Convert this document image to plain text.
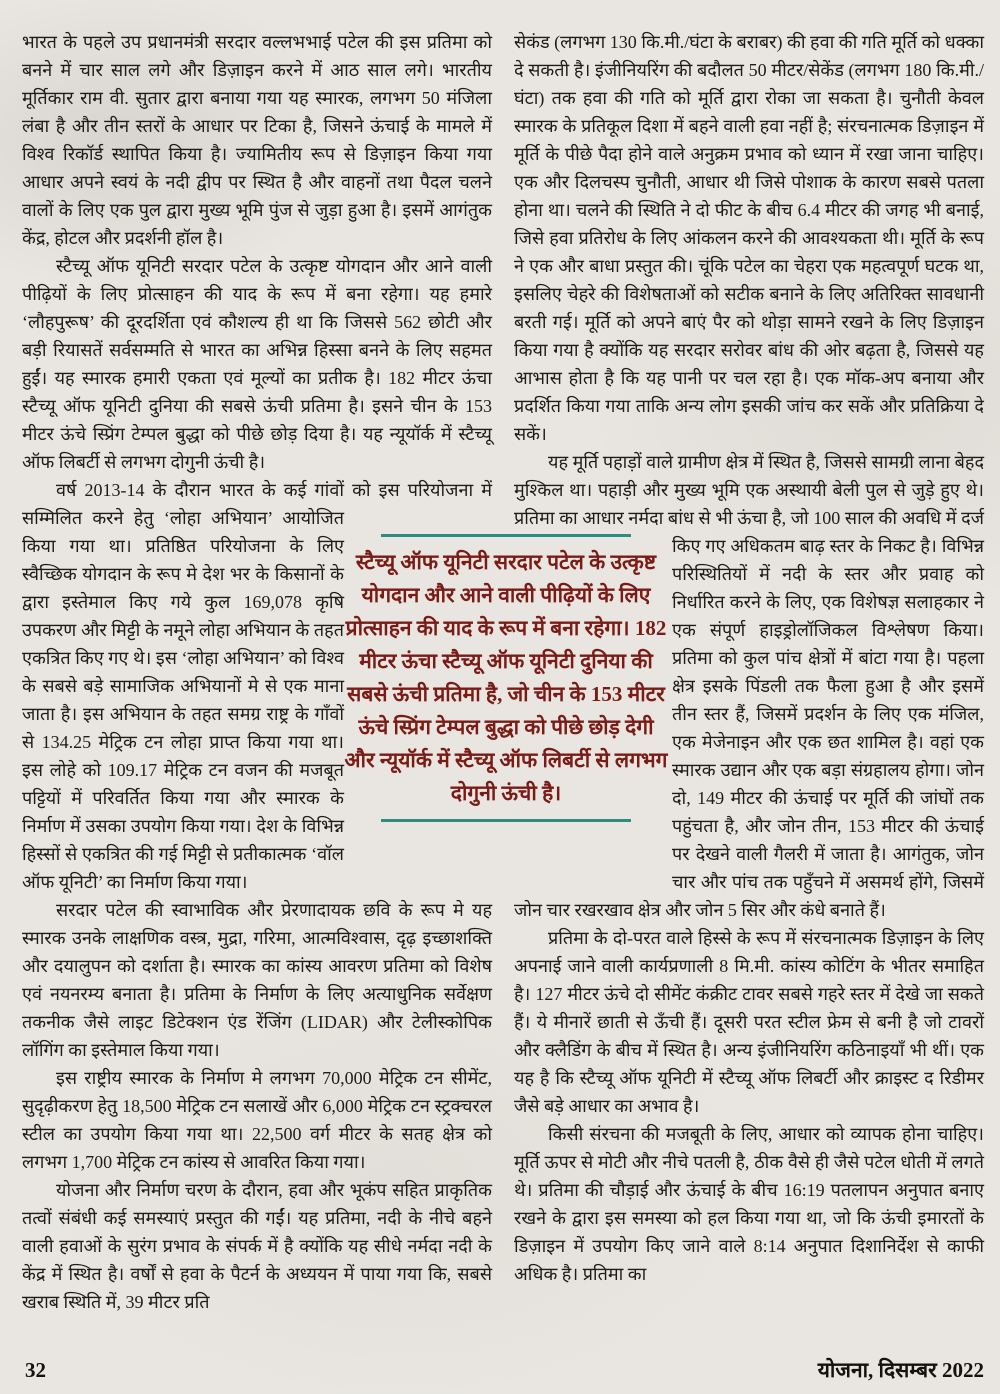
भारत के पहले उप प्रधानमंत्री सरदार वल्लभभाई पटेल की इस प्रतिमा को बनने में चार साल लगे और डिज़ाइन करने में आठ साल लगे। भारतीय मूर्तिकार राम वी. सुतार द्वारा बनाया गया यह स्मारक, लगभग 50 मंजिला लंबा है और तीन स्तरों के आधार पर टिका है, जिसने ऊंचाई के मामले में विश्व रिकॉर्ड स्थापित किया है। ज्यामितीय रूप से डिज़ाइन किया गया आधार अपने स्वयं के नदी द्वीप पर स्थित है और वाहनों तथा पैदल चलने वालों के लिए एक पुल द्वारा मुख्य भूमि पुंज से जुड़ा हुआ है। इसमें आगंतुक केंद्र, होटल और प्रदर्शनी हॉल है।

स्टैच्यू ऑफ यूनिटी सरदार पटेल के उत्कृष्ट योगदान और आने वाली पीढ़ियों के लिए प्रोत्साहन की याद के रूप में बना रहेगा। यह हमारे ‘लौहपुरूष’ की दूरदर्शिता एवं कौशल्य ही था कि जिससे 562 छोटी और बड़ी रियासतें सर्वसम्मति से भारत का अभिन्न हिस्सा बनने के लिए सहमत हुईं। यह स्मारक हमारी एकता एवं मूल्यों का प्रतीक है। 182 मीटर ऊंचा स्टैच्यू ऑफ यूनिटी दुनिया की सबसे ऊंची प्रतिमा है। इसने चीन के 153 मीटर ऊंचे स्प्रिंग टेम्पल बुद्धा को पीछे छोड़ दिया है। यह न्यूयॉर्क में स्टैच्यू ऑफ लिबर्टी से लगभग दोगुनी ऊंची है।

वर्ष 2013-14 के दौरान भारत के कई गांवों को इस परियोजना में सम्मिलित करने हेतु ‘लोहा अभियान’ आयोजित किया गया था। प्रतिष्ठित परियोजना के लिए स्वैच्छिक योगदान के रूप मे देश भर के किसानों के द्वारा इस्तेमाल किए गये कुल 169,078 कृषि उपकरण और मिट्टी के नमूने लोहा अभियान के तहत एकत्रित किए गए थे। इस ‘लोहा अभियान’ को विश्व के सबसे बड़े सामाजिक अभियानों मे से एक माना जाता है। इस अभियान के तहत समग्र राष्ट्र के गाँवों से 134.25 मेट्रिक टन लोहा प्राप्त किया गया था। इस लोहे को 109.17 मेट्रिक टन वजन की मजबूत पट्टियों में परिवर्तित किया गया और स्मारक के निर्माण में उसका उपयोग किया गया। देश के विभिन्न हिस्सों से एकत्रित की गई मिट्टी से प्रतीकात्मक ‘वॉल ऑफ यूनिटी’ का निर्माण किया गया।

सरदार पटेल की स्वाभाविक और प्रेरणादायक छवि के रूप मे यह स्मारक उनके लाक्षणिक वस्त्र, मुद्रा, गरिमा, आत्मविश्वास, दृढ़ इच्छाशक्ति और दयालुपन को दर्शाता है। स्मारक का कांस्य आवरण प्रतिमा को विशेष एवं नयनरम्य बनाता है। प्रतिमा के निर्माण के लिए अत्याधुनिक सर्वेक्षण तकनीक जैसे लाइट डिटेक्शन एंड रेंजिंग (LIDAR) और टेलीस्कोपिक लॉगिंग का इस्तेमाल किया गया।

इस राष्ट्रीय स्मारक के निर्माण मे लगभग 70,000 मेट्रिक टन सीमेंट, सुदृढ़ीकरण हेतु 18,500 मेट्रिक टन सलाखें और 6,000 मेट्रिक टन स्ट्रक्चरल स्टील का उपयोग किया गया था। 22,500 वर्ग मीटर के सतह क्षेत्र को लगभग 1,700 मेट्रिक टन कांस्य से आवरित किया गया।

योजना और निर्माण चरण के दौरान, हवा और भूकंप सहित प्राकृतिक तत्वों संबंधी कई समस्याएं प्रस्तुत की गईं। यह प्रतिमा, नदी के नीचे बहने वाली हवाओं के सुरंग प्रभाव के संपर्क में है क्योंकि यह सीधे नर्मदा नदी के केंद्र में स्थित है। वर्षों से हवा के पैटर्न के अध्ययन में पाया गया कि, सबसे खराब स्थिति में, 39 मीटर प्रति

सेकंड (लगभग 130 कि.मी./घंटा के बराबर) की हवा की गति मूर्ति को धक्का दे सकती है। इंजीनियरिंग की बदौलत 50 मीटर/सेकेंड (लगभग 180 कि.मी./घंटा) तक हवा की गति को मूर्ति द्वारा रोका जा सकता है। चुनौती केवल स्मारक के प्रतिकूल दिशा में बहने वाली हवा नहीं है; संरचनात्मक डिज़ाइन में मूर्ति के पीछे पैदा होने वाले अनुक्रम प्रभाव को ध्यान में रखा जाना चाहिए। एक और दिलचस्प चुनौती, आधार थी जिसे पोशाक के कारण सबसे पतला होना था। चलने की स्थिति ने दो फीट के बीच 6.4 मीटर की जगह भी बनाई, जिसे हवा प्रतिरोध के लिए आंकलन करने की आवश्यकता थी। मूर्ति के रूप ने एक और बाधा प्रस्तुत की। चूंकि पटेल का चेहरा एक महत्वपूर्ण घटक था, इसलिए चेहरे की विशेषताओं को सटीक बनाने के लिए अतिरिक्त सावधानी बरती गई। मूर्ति को अपने बाएं पैर को थोड़ा सामने रखने के लिए डिज़ाइन किया गया है क्योंकि यह सरदार सरोवर बांध की ओर बढ़ता है, जिससे यह आभास होता है कि यह पानी पर चल रहा है। एक मॉक-अप बनाया और प्रदर्शित किया गया ताकि अन्य लोग इसकी जांच कर सकें और प्रतिक्रिया दे सकें।

यह मूर्ति पहाड़ों वाले ग्रामीण क्षेत्र में स्थित है, जिससे सामग्री लाना बेहद मुश्किल था। पहाड़ी और मुख्य भूमि एक अस्थायी बेली पुल से जुड़े हुए थे। प्रतिमा का आधार नर्मदा बांध से भी ऊंचा है, जो 100 साल की अवधि में दर्ज किए गए अधिकतम बाढ़ स्तर के निकट है। विभिन्न परिस्थितियों में नदी के स्तर और प्रवाह को निर्धारित करने के लिए, एक विशेषज्ञ सलाहकार ने एक संपूर्ण हाइड्रोलॉजिकल विश्लेषण किया। प्रतिमा को कुल पांच क्षेत्रों में बांटा गया है। पहला क्षेत्र इसके पिंडली तक फैला हुआ है और इसमें तीन स्तर हैं, जिसमें प्रदर्शन के लिए एक मंजिल, एक मेजेनाइन और एक छत शामिल है। वहां एक स्मारक उद्यान और एक बड़ा संग्रहालय होगा। जोन दो, 149 मीटर की ऊंचाई पर मूर्ति की जांघों तक पहुंचता है, और जोन तीन, 153 मीटर की ऊंचाई पर देखने वाली गैलरी में जाता है। आगंतुक, जोन चार और पांच तक पहुँचने में असमर्थ होंगे, जिसमें जोन चार रखरखाव क्षेत्र और जोन 5 सिर और कंधे बनाते हैं।

प्रतिमा के दो-परत वाले हिस्से के रूप में संरचनात्मक डिज़ाइन के लिए अपनाई जाने वाली कार्यप्रणाली 8 मि.मी. कांस्य कोटिंग के भीतर समाहित है। 127 मीटर ऊंचे दो सीमेंट कंक्रीट टावर सबसे गहरे स्तर में देखे जा सकते हैं। ये मीनारें छाती से ऊँची हैं। दूसरी परत स्टील फ्रेम से बनी है जो टावरों और क्लैडिंग के बीच में स्थित है। अन्य इंजीनियरिंग कठिनाइयाँ भी थीं। एक यह है कि स्टैच्यू ऑफ यूनिटी में स्टैच्यू ऑफ लिबर्टी और क्राइस्ट द रिडीमर जैसे बड़े आधार का अभाव है।

किसी संरचना की मजबूती के लिए, आधार को व्यापक होना चाहिए। मूर्ति ऊपर से मोटी और नीचे पतली है, ठीक वैसे ही जैसे पटेल धोती में लगते थे। प्रतिमा की चौड़ाई और ऊंचाई के बीच 16:19 पतलापन अनुपात बनाए रखने के द्वारा इस समस्या को हल किया गया था, जो कि ऊंची इमारतों के डिज़ाइन में उपयोग किए जाने वाले 8:14 अनुपात दिशानिर्देश से काफी अधिक है। प्रतिमा का

स्टैच्यू ऑफ यूनिटी सरदार पटेल के उत्कृष्ट योगदान और आने वाली पीढ़ियों के लिए प्रोत्साहन की याद के रूप में बना रहेगा। 182 मीटर ऊंचा स्टैच्यू ऑफ यूनिटी दुनिया की सबसे ऊंची प्रतिमा है, जो चीन के 153 मीटर ऊंचे स्प्रिंग टेम्पल बुद्धा को पीछे छोड़ देगी और न्यूयॉर्क में स्टैच्यू ऑफ लिबर्टी से लगभग दोगुनी ऊंची है।

32	योजना, दिसम्बर 2022
